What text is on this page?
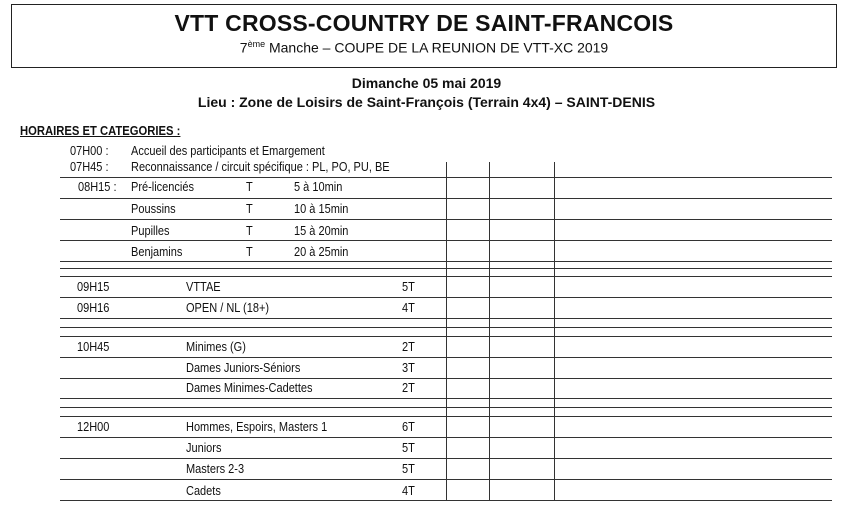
VTT CROSS-COUNTRY DE SAINT-FRANCOIS
7ème Manche – COUPE DE LA REUNION DE VTT-XC 2019
Dimanche 05 mai 2019
Lieu : Zone de Loisirs de Saint-François (Terrain 4x4) – SAINT-DENIS
HORAIRES ET CATEGORIES :
07H00 : Accueil des participants et Emargement
07H45 : Reconnaissance / circuit spécifique : PL, PO, PU, BE
08H15 : Pré-licenciés	T	5 à 10min
Poussins	T	10 à 15min
Pupilles	T	15 à 20min
Benjamins	T	20 à 25min
09H15	VTTAE	5T
09H16	OPEN / NL (18+)	4T
10H45	Minimes (G)	2T
Dames Juniors-Séniors	3T
Dames Minimes-Cadettes	2T
12H00	Hommes, Espoirs, Masters 1	6T
Juniors	5T
Masters 2-3	5T
Cadets	4T
